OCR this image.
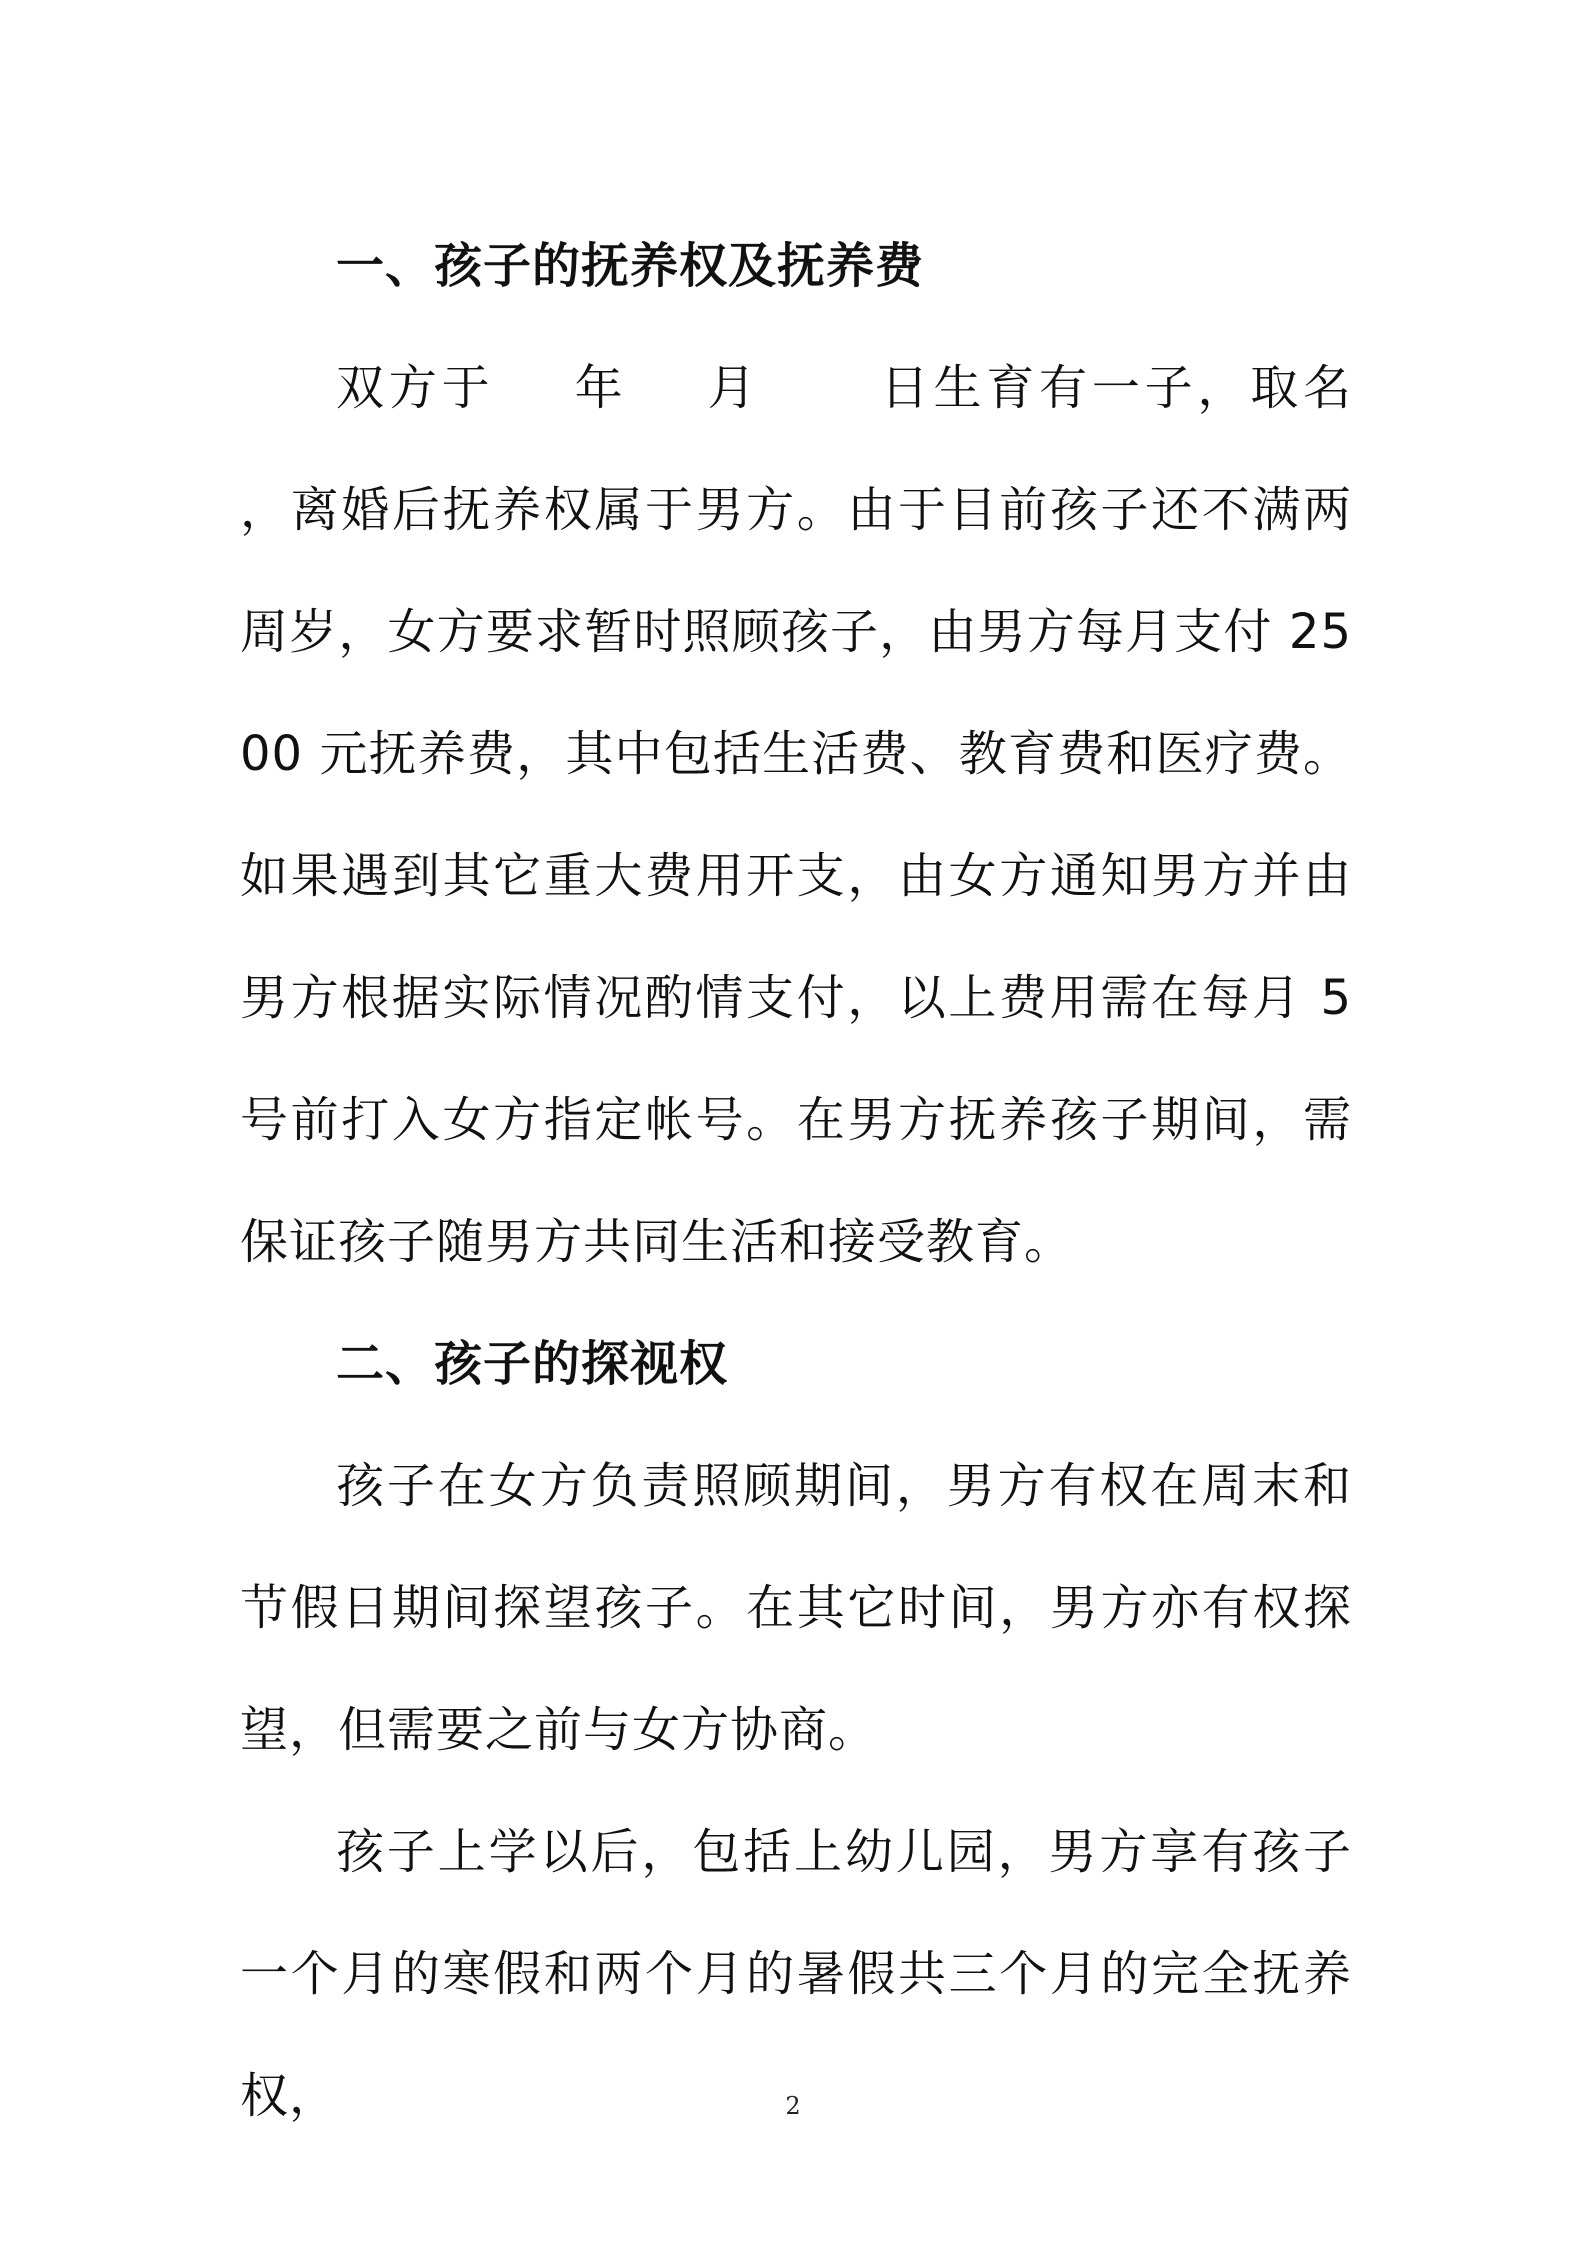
一、孩子的抚养权及抚养费

双方于    年    月      日生育有一子，取名      ，离婚后抚养权属于男方。由于目前孩子还不满两周岁，女方要求暂时照顾孩子，由男方每月支付 2500 元抚养费，其中包括生活费、教育费和医疗费。如果遇到其它重大费用开支，由女方通知男方并由男方根据实际情况酌情支付，以上费用需在每月 5 号前打入女方指定帐号。在男方抚养孩子期间，需保证孩子随男方共同生活和接受教育。

二、孩子的探视权

孩子在女方负责照顾期间，男方有权在周末和节假日期间探望孩子。在其它时间，男方亦有权探望，但需要之前与女方协商。

孩子上学以后，包括上幼儿园，男方享有孩子一个月的寒假和两个月的暑假共三个月的完全抚养权，	2
